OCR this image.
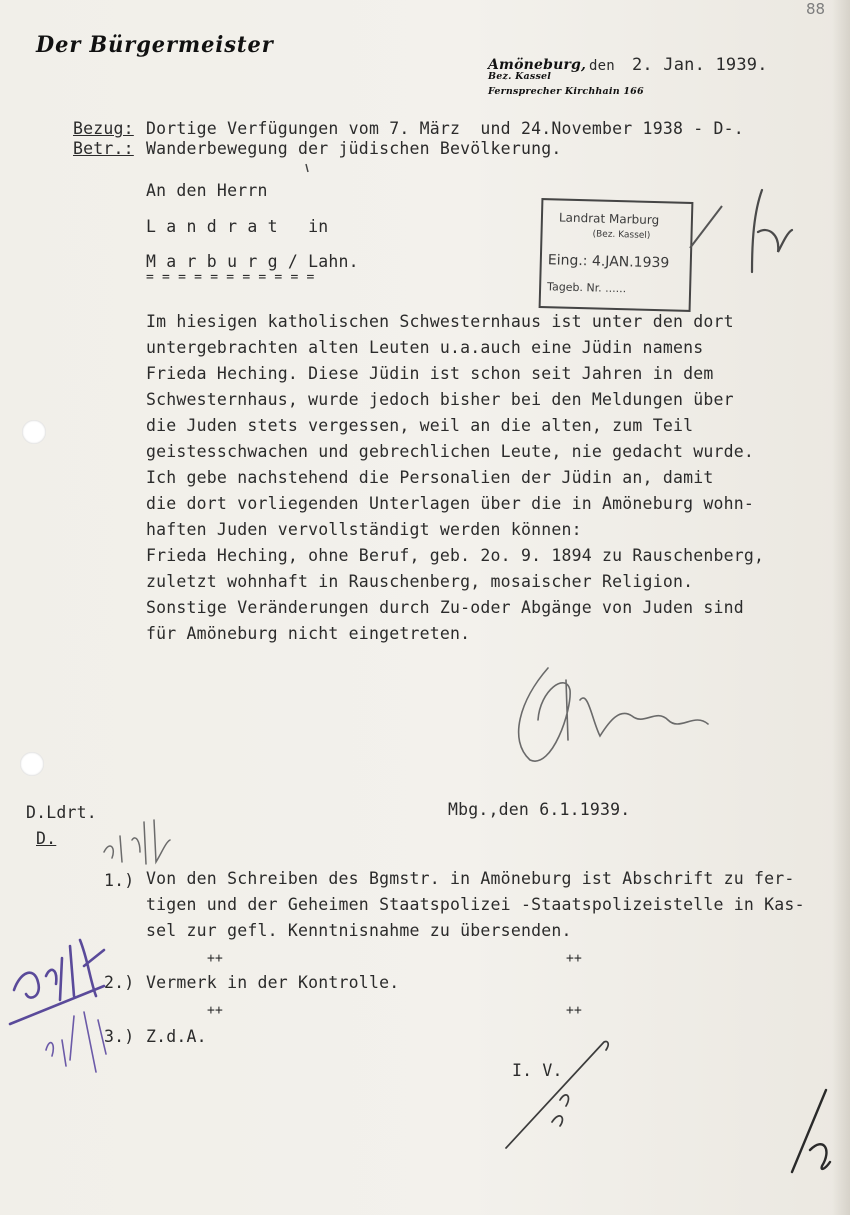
88
Der Bürgermeister
Amöneburg, den 2. Jan. 1939.
Bez. Kassel
Fernsprecher Kirchhain 166
Bezug: Dortige Verfügungen vom 7. März  und 24.November 1938 - D-.
Betr.: Wanderbewegung der jüdischen Bevölkerung.
An den Herrn
L a n d r a t   in
M a r b u r g / Lahn.
= = = = = = = = = = =
Landrat Marburg
(Bez. Kassel)
Eing.: 4.JAN.1939
Tageb. Nr. ......
Im hiesigen katholischen Schwesternhaus ist unter den dort
untergebrachten alten Leuten u.a.auch eine Jüdin namens
Frieda Heching. Diese Jüdin ist schon seit Jahren in dem
Schwesternhaus, wurde jedoch bisher bei den Meldungen über
die Juden stets vergessen, weil an die alten, zum Teil
geistesschwachen und gebrechlichen Leute, nie gedacht wurde.
Ich gebe nachstehend die Personalien der Jüdin an, damit
die dort vorliegenden Unterlagen über die in Amöneburg wohn-
haften Juden vervollständigt werden können:
Frieda Heching, ohne Beruf, geb. 2o. 9. 1894 zu Rauschenberg,
zuletzt wohnhaft in Rauschenberg, mosaischer Religion.
Sonstige Veränderungen durch Zu-oder Abgänge von Juden sind
für Amöneburg nicht eingetreten.
D.Ldrt.	Mbg.,den 6.1.1939.
D.
1.) Von den Schreiben des Bgmstr. in Amöneburg ist Abschrift zu fer-
tigen und der Geheimen Staatspolizei -Staatspolizeistelle in Kas-
sel zur gefl. Kenntnisnahme zu übersenden.
++	++
2.) Vermerk in der Kontrolle.
++	++
3.) Z.d.A.
I. V.
